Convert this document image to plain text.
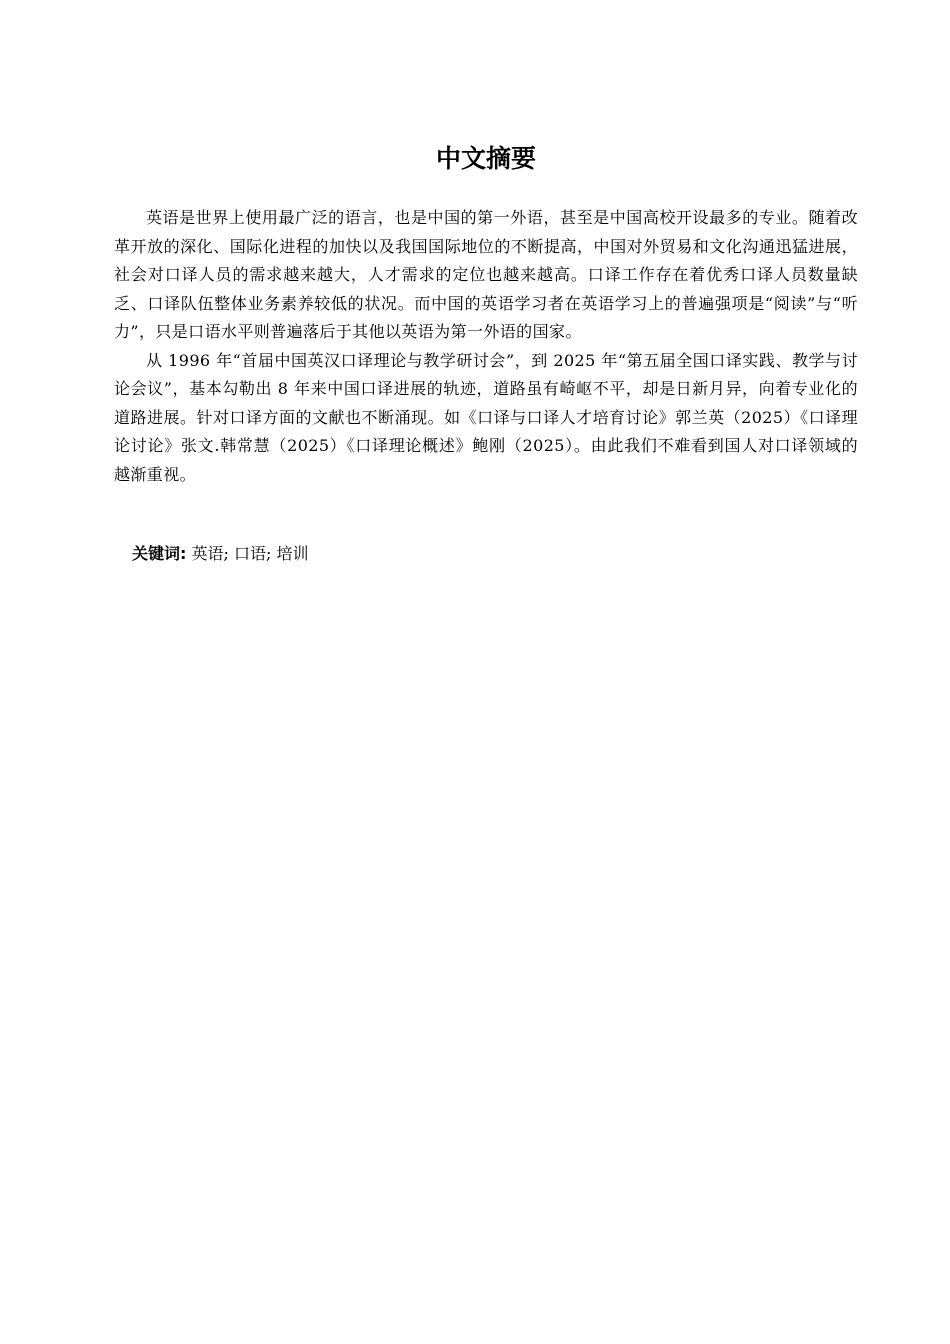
中文摘要

英语是世界上使用最广泛的语言，也是中国的第一外语，甚至是中国高校开设最多的专业。随着改革开放的深化、国际化进程的加快以及我国国际地位的不断提高，中国对外贸易和文化沟通迅猛进展，社会对口译人员的需求越来越大，人才需求的定位也越来越高。口译工作存在着优秀口译人员数量缺乏、口译队伍整体业务素养较低的状况。而中国的英语学习者在英语学习上的普遍强项是“阅读”与“听力”，只是口语水平则普遍落后于其他以英语为第一外语的国家。

从 1996 年“首届中国英汉口译理论与教学研讨会”，到 2025 年“第五届全国口译实践、教学与讨论会议”，基本勾勒出 8 年来中国口译进展的轨迹，道路虽有崎岖不平，却是日新月异，向着专业化的道路进展。针对口译方面的文献也不断涌现。如《口译与口译人才培育讨论》郭兰英（2025）《口译理论讨论》张文.韩常慧（2025）《口译理论概述》鲍刚（2025）。由此我们不难看到国人对口译领域的越渐重视。

关键词: 英语; 口语; 培训
